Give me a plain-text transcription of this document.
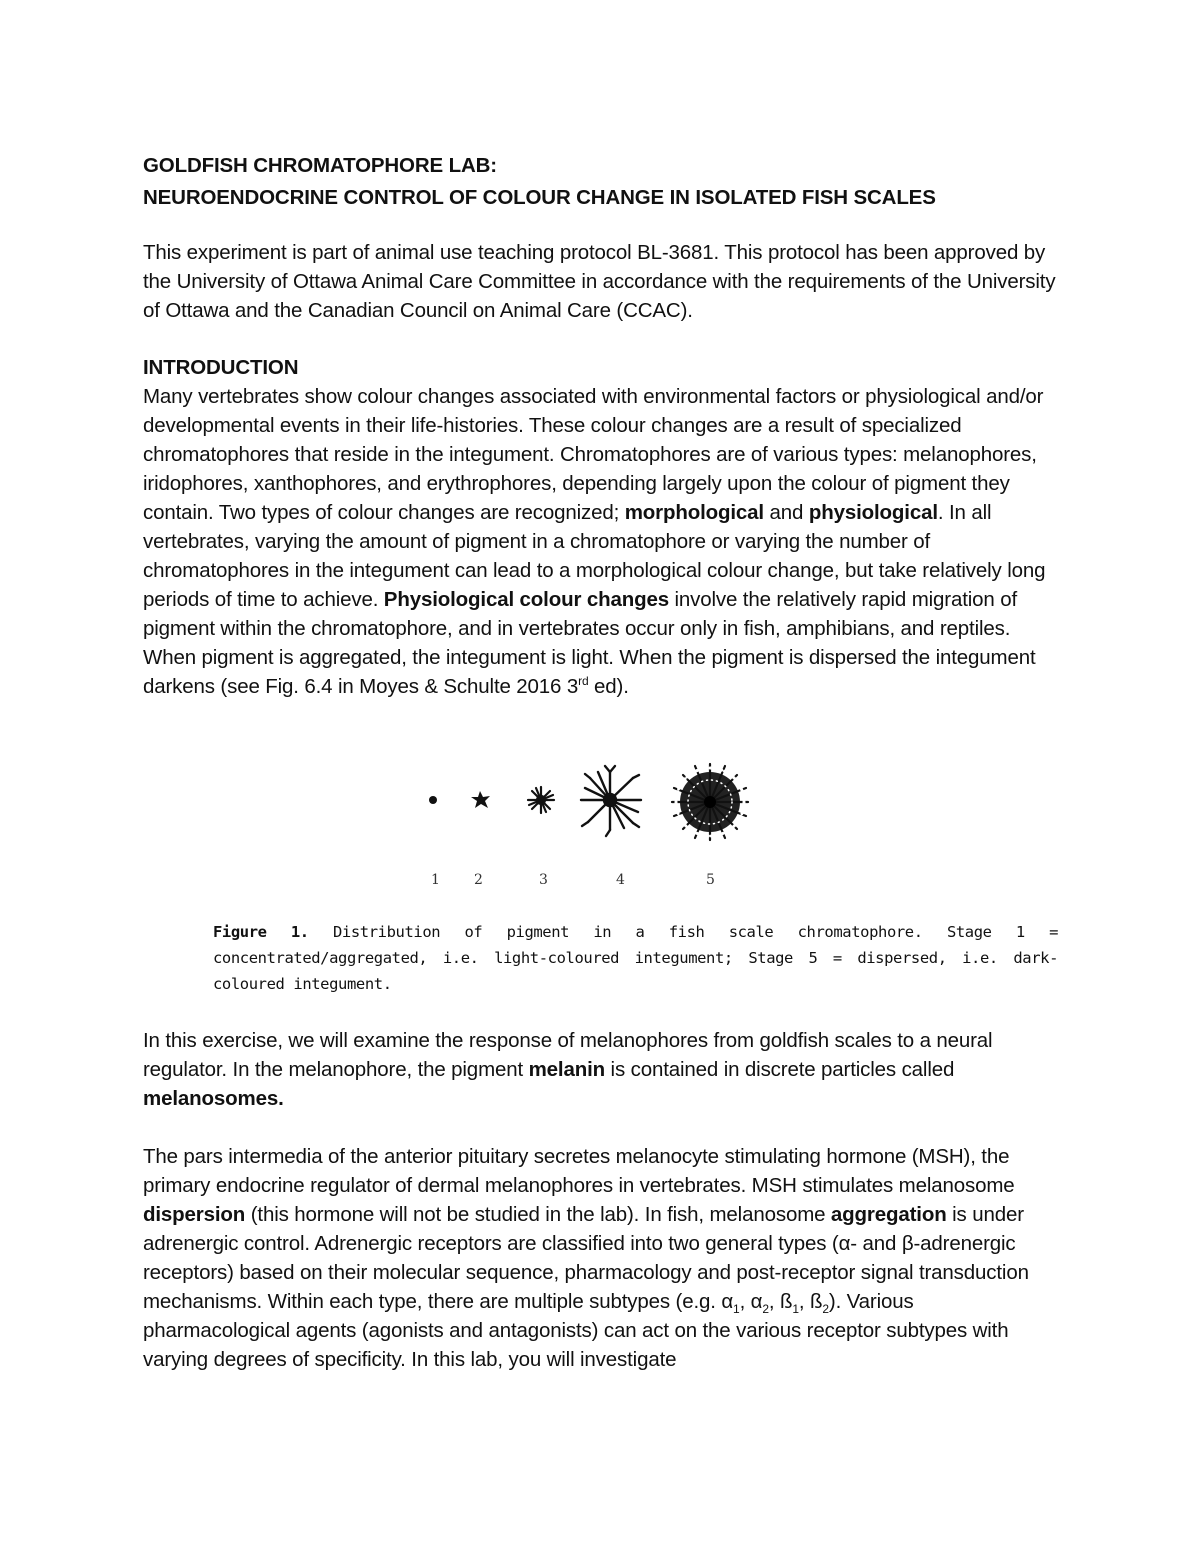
GOLDFISH CHROMATOPHORE LAB:
NEUROENDOCRINE CONTROL OF COLOUR CHANGE IN ISOLATED FISH SCALES

This experiment is part of animal use teaching protocol BL-3681. This protocol has been approved by the University of Ottawa Animal Care Committee in accordance with the requirements of the University of Ottawa and the Canadian Council on Animal Care (CCAC).

INTRODUCTION

Many vertebrates show colour changes associated with environmental factors or physiological and/or developmental events in their life-histories. These colour changes are a result of specialized chromatophores that reside in the integument. Chromatophores are of various types: melanophores, iridophores, xanthophores, and erythrophores, depending largely upon the colour of pigment they contain. Two types of colour changes are recognized; morphological and physiological. In all vertebrates, varying the amount of pigment in a chromatophore or varying the number of chromatophores in the integument can lead to a morphological colour change, but take relatively long periods of time to achieve. Physiological colour changes involve the relatively rapid migration of pigment within the chromatophore, and in vertebrates occur only in fish, amphibians, and reptiles. When pigment is aggregated, the integument is light. When the pigment is dispersed the integument darkens (see Fig. 6.4 in Moyes & Schulte 2016 3rd ed).

1 2	3	4	5

Figure 1. Distribution of pigment in a fish scale chromatophore. Stage 1 = concentrated/aggregated, i.e. light-coloured integument; Stage 5 = dispersed, i.e. dark-coloured integument.

In this exercise, we will examine the response of melanophores from goldfish scales to a neural regulator. In the melanophore, the pigment melanin is contained in discrete particles called melanosomes.

The pars intermedia of the anterior pituitary secretes melanocyte stimulating hormone (MSH), the primary endocrine regulator of dermal melanophores in vertebrates. MSH stimulates melanosome dispersion (this hormone will not be studied in the lab). In fish, melanosome aggregation is under adrenergic control. Adrenergic receptors are classified into two general types (α- and β-adrenergic receptors) based on their molecular sequence, pharmacology and post-receptor signal transduction mechanisms. Within each type, there are multiple subtypes (e.g. $\alpha_1$, $\alpha_2$, $ß_1$, $ß_2$). Various pharmacological agents (agonists and antagonists) can act on the various receptor subtypes with varying degrees of specificity. In this lab, you will investigate
